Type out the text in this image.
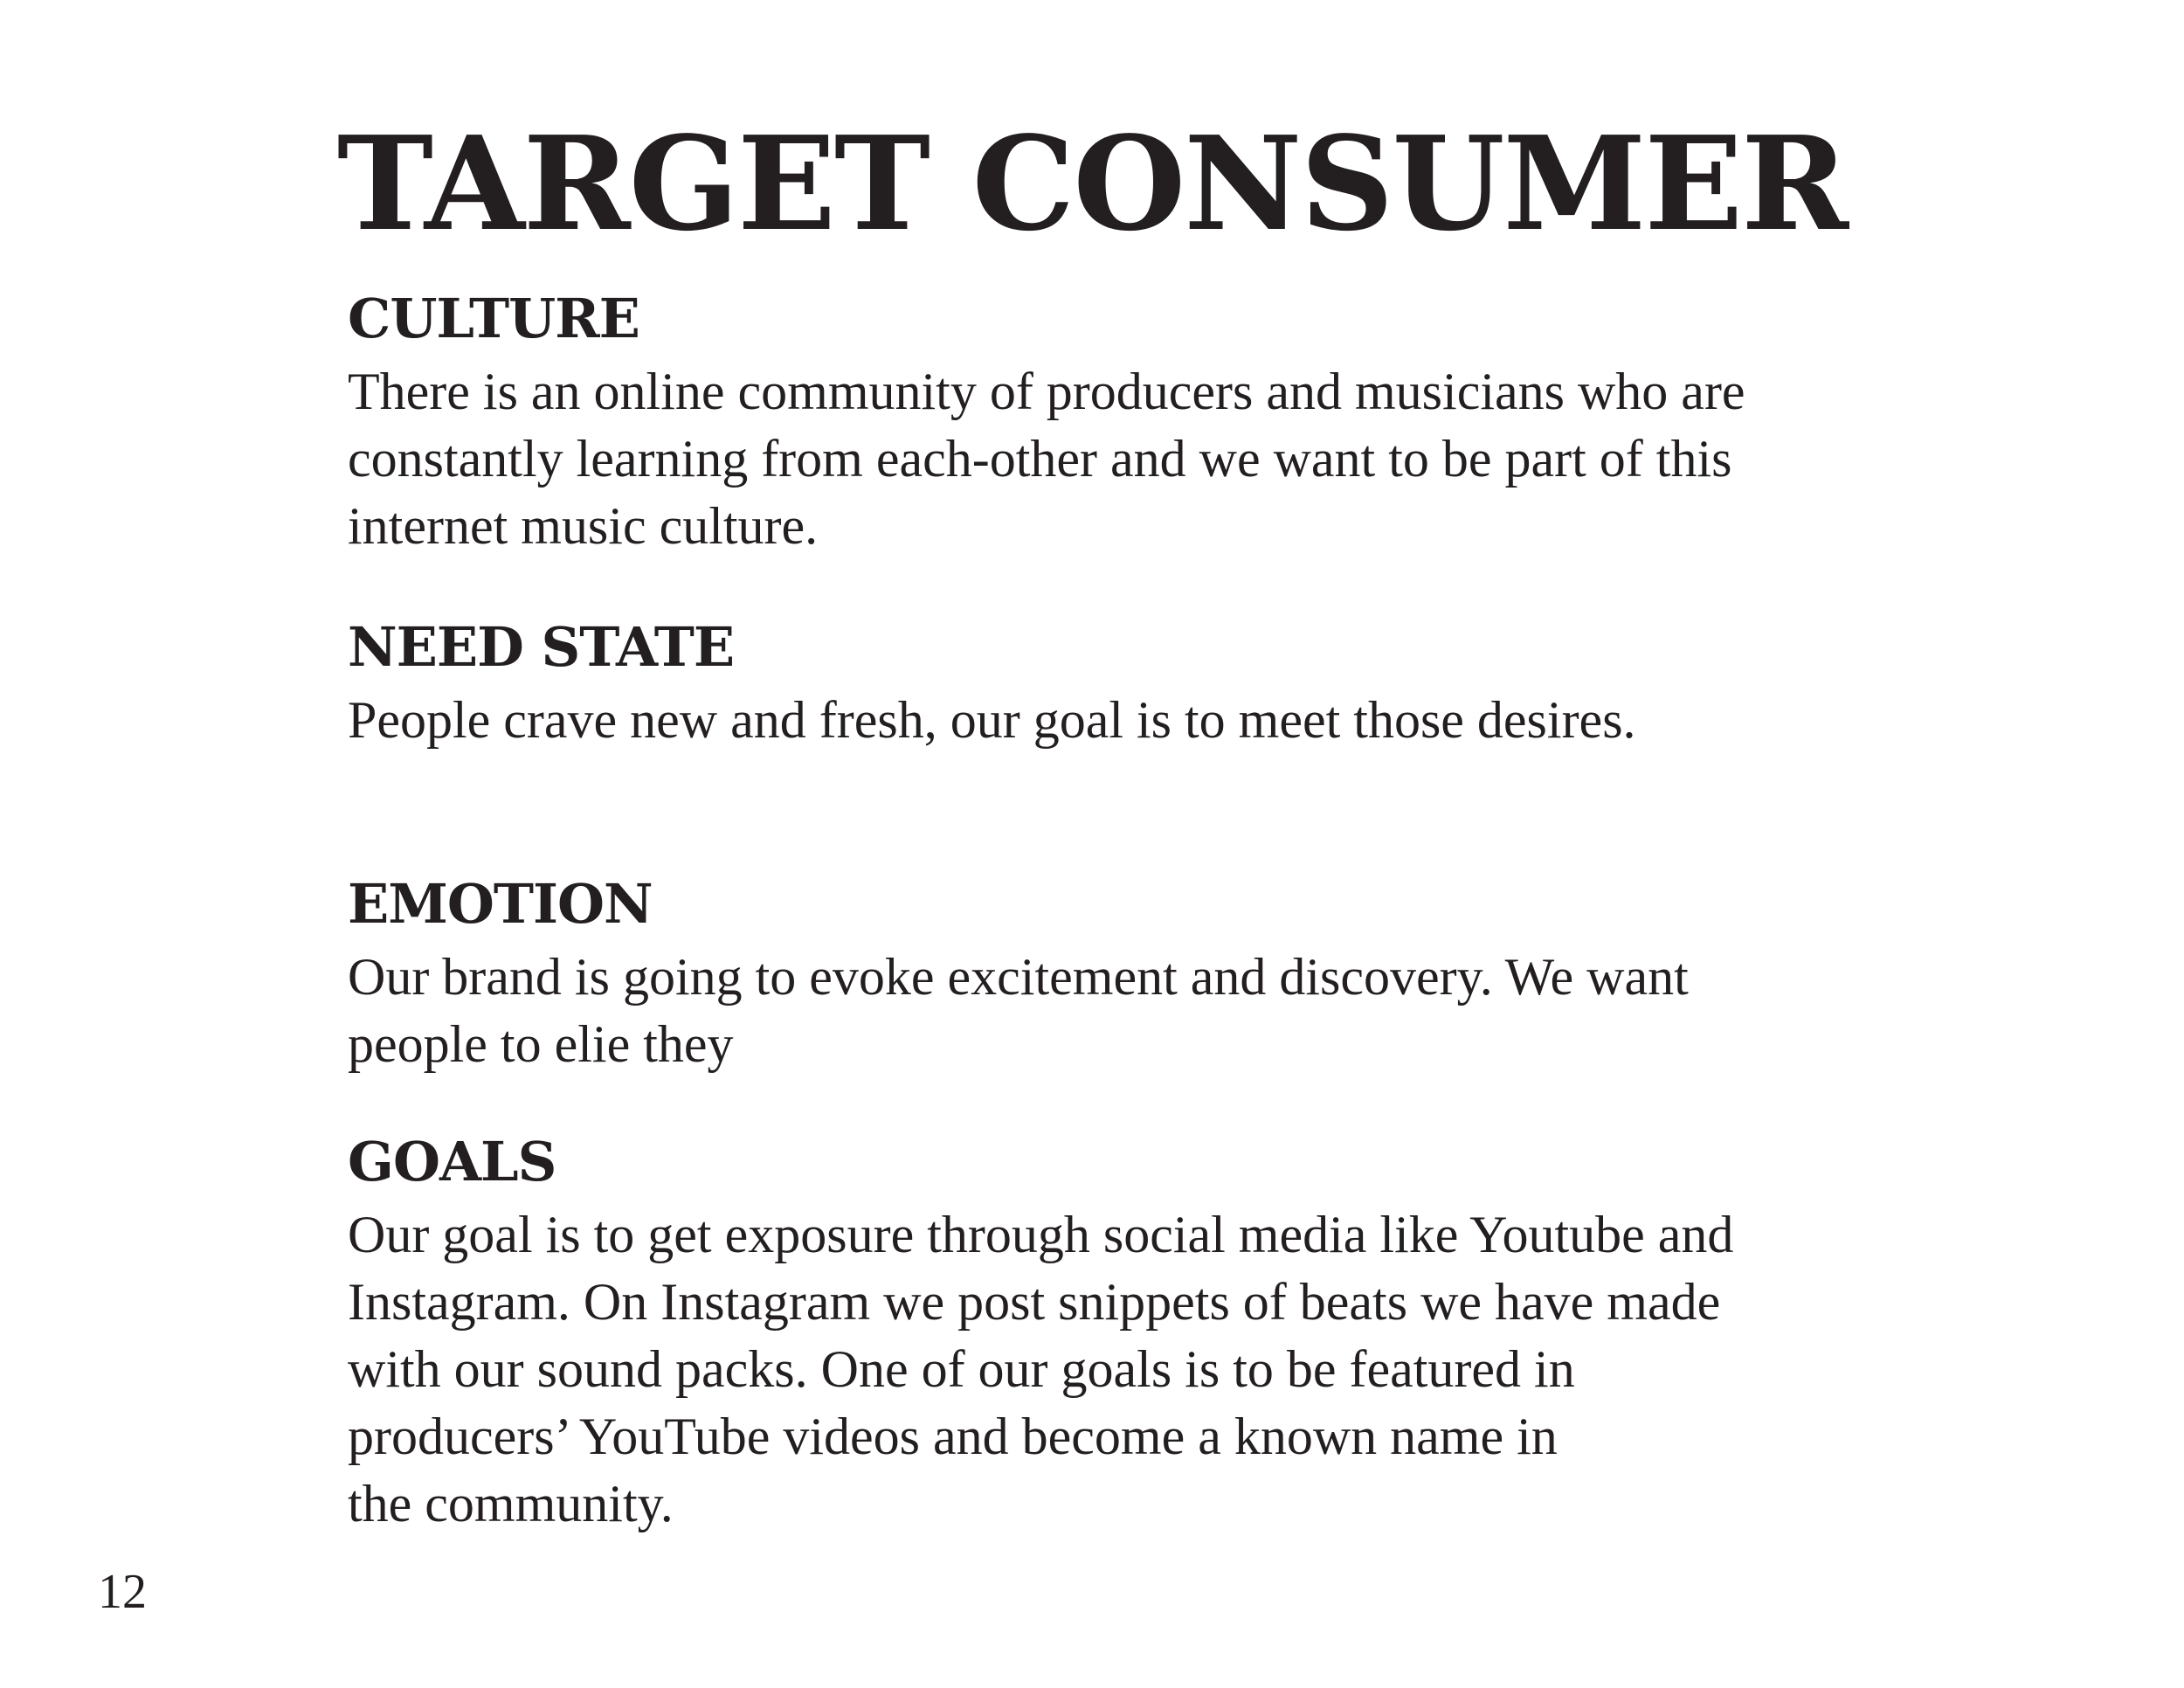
TARGET CONSUMER
CULTURE

There is an online community of producers and musicians who are
constantly learning from each-other and we want to be part of this
internet music culture.

NEED STATE

People crave new and fresh, our goal is to meet those desires.

EMOTION

Our brand is going to evoke excitement and discovery. We want
people to elie they

GOALS

Our goal is to get exposure through social media like Youtube and
Instagram. On Instagram we post snippets of beats we have made
with our sound packs. One of our goals is to be featured in
producers’ YouTube videos and become a known name in
the community.

12
